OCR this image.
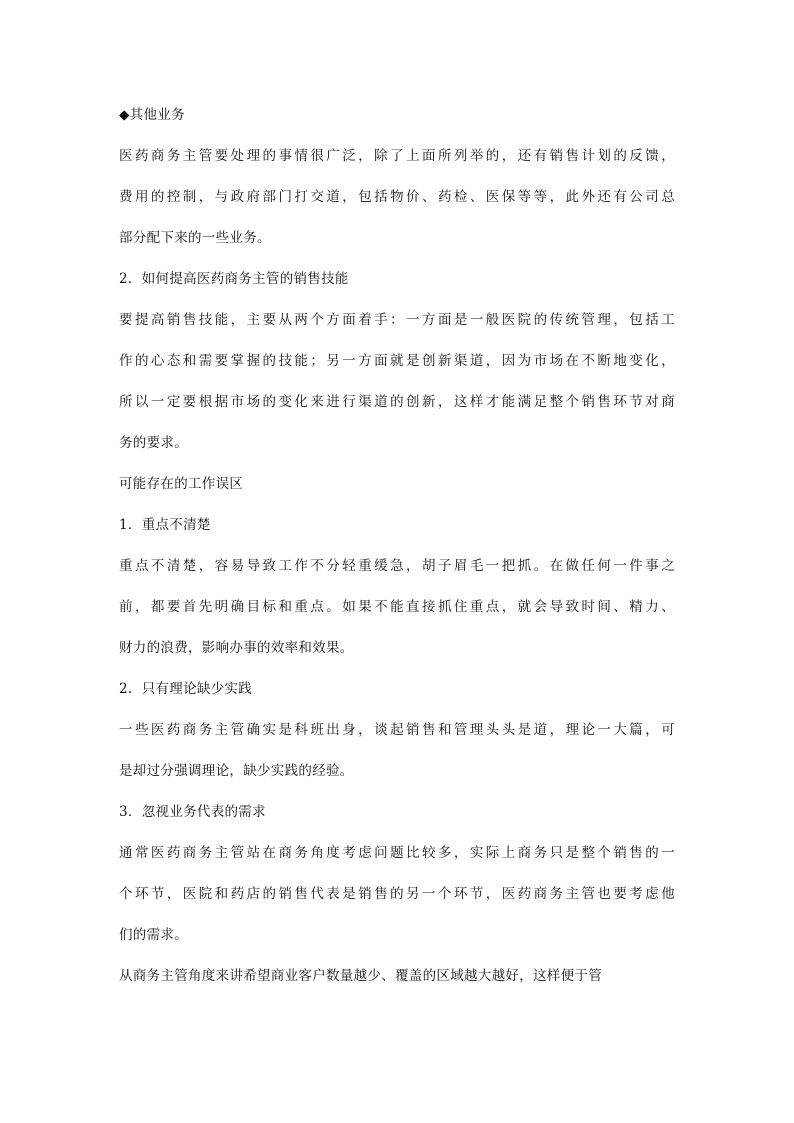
◆其他业务
医药商务主管要处理的事情很广泛，除了上面所列举的，还有销售计划的反馈，
费用的控制，与政府部门打交道，包括物价、药检、医保等等，此外还有公司总
部分配下来的一些业务。
2．如何提高医药商务主管的销售技能
要提高销售技能，主要从两个方面着手：一方面是一般医院的传统管理，包括工
作的心态和需要掌握的技能；另一方面就是创新渠道，因为市场在不断地变化，
所以一定要根据市场的变化来进行渠道的创新，这样才能满足整个销售环节对商
务的要求。
可能存在的工作误区
1．重点不清楚
重点不清楚，容易导致工作不分轻重缓急，胡子眉毛一把抓。在做任何一件事之
前，都要首先明确目标和重点。如果不能直接抓住重点，就会导致时间、精力、
财力的浪费，影响办事的效率和效果。
2．只有理论缺少实践
一些医药商务主管确实是科班出身，谈起销售和管理头头是道，理论一大篇，可
是却过分强调理论，缺少实践的经验。
3．忽视业务代表的需求
通常医药商务主管站在商务角度考虑问题比较多，实际上商务只是整个销售的一
个环节，医院和药店的销售代表是销售的另一个环节，医药商务主管也要考虑他
们的需求。
从商务主管角度来讲希望商业客户数量越少、覆盖的区域越大越好，这样便于管
